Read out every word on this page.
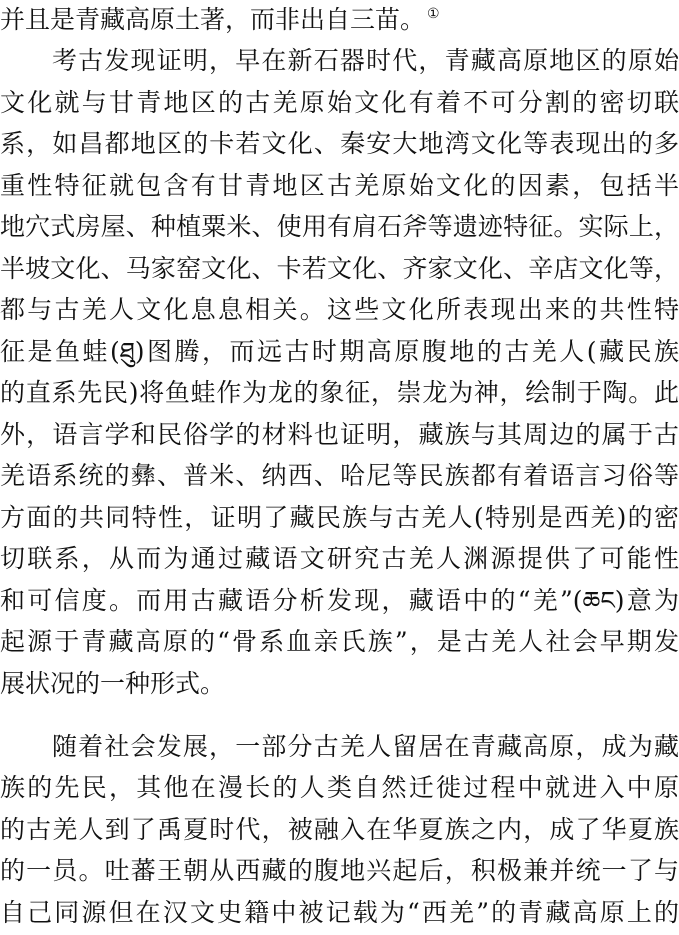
并且是青藏高原土著，而非出自三苗。 ①
考古发现证明，早在新石器时代，青藏高原地区的原始
文化就与甘青地区的古羌原始文化有着不可分割的密切联
系，如昌都地区的卡若文化、秦安大地湾文化等表现出的多
重性特征就包含有甘青地区古羌原始文化的因素，包括半
地穴式房屋、种植粟米、使用有肩石斧等遗迹特征。实际上，
半坡文化、马家窑文化、卡若文化、齐家文化、辛店文化等，
都与古羌人文化息息相关。这些文化所表现出来的共性特
征是鱼蛙(ཐུ)图腾，而远古时期高原腹地的古羌人(藏民族
的直系先民)将鱼蛙作为龙的象征，崇龙为神，绘制于陶。此
外，语言学和民俗学的材料也证明，藏族与其周边的属于古
羌语系统的彝、普米、纳西、哈尼等民族都有着语言习俗等
方面的共同特性，证明了藏民族与古羌人(特别是西羌)的密
切联系，从而为通过藏语文研究古羌人渊源提供了可能性
和可信度。而用古藏语分析发现，藏语中的“羌”(ཆང)意为
起源于青藏高原的“骨系血亲氏族”，是古羌人社会早期发
展状况的一种形式。
随着社会发展，一部分古羌人留居在青藏高原，成为藏
族的先民，其他在漫长的人类自然迁徙过程中就进入中原
的古羌人到了禹夏时代，被融入在华夏族之内，成了华夏族
的一员。吐蕃王朝从西藏的腹地兴起后，积极兼并统一了与
自己同源但在汉文史籍中被记载为“西羌”的青藏高原上的
